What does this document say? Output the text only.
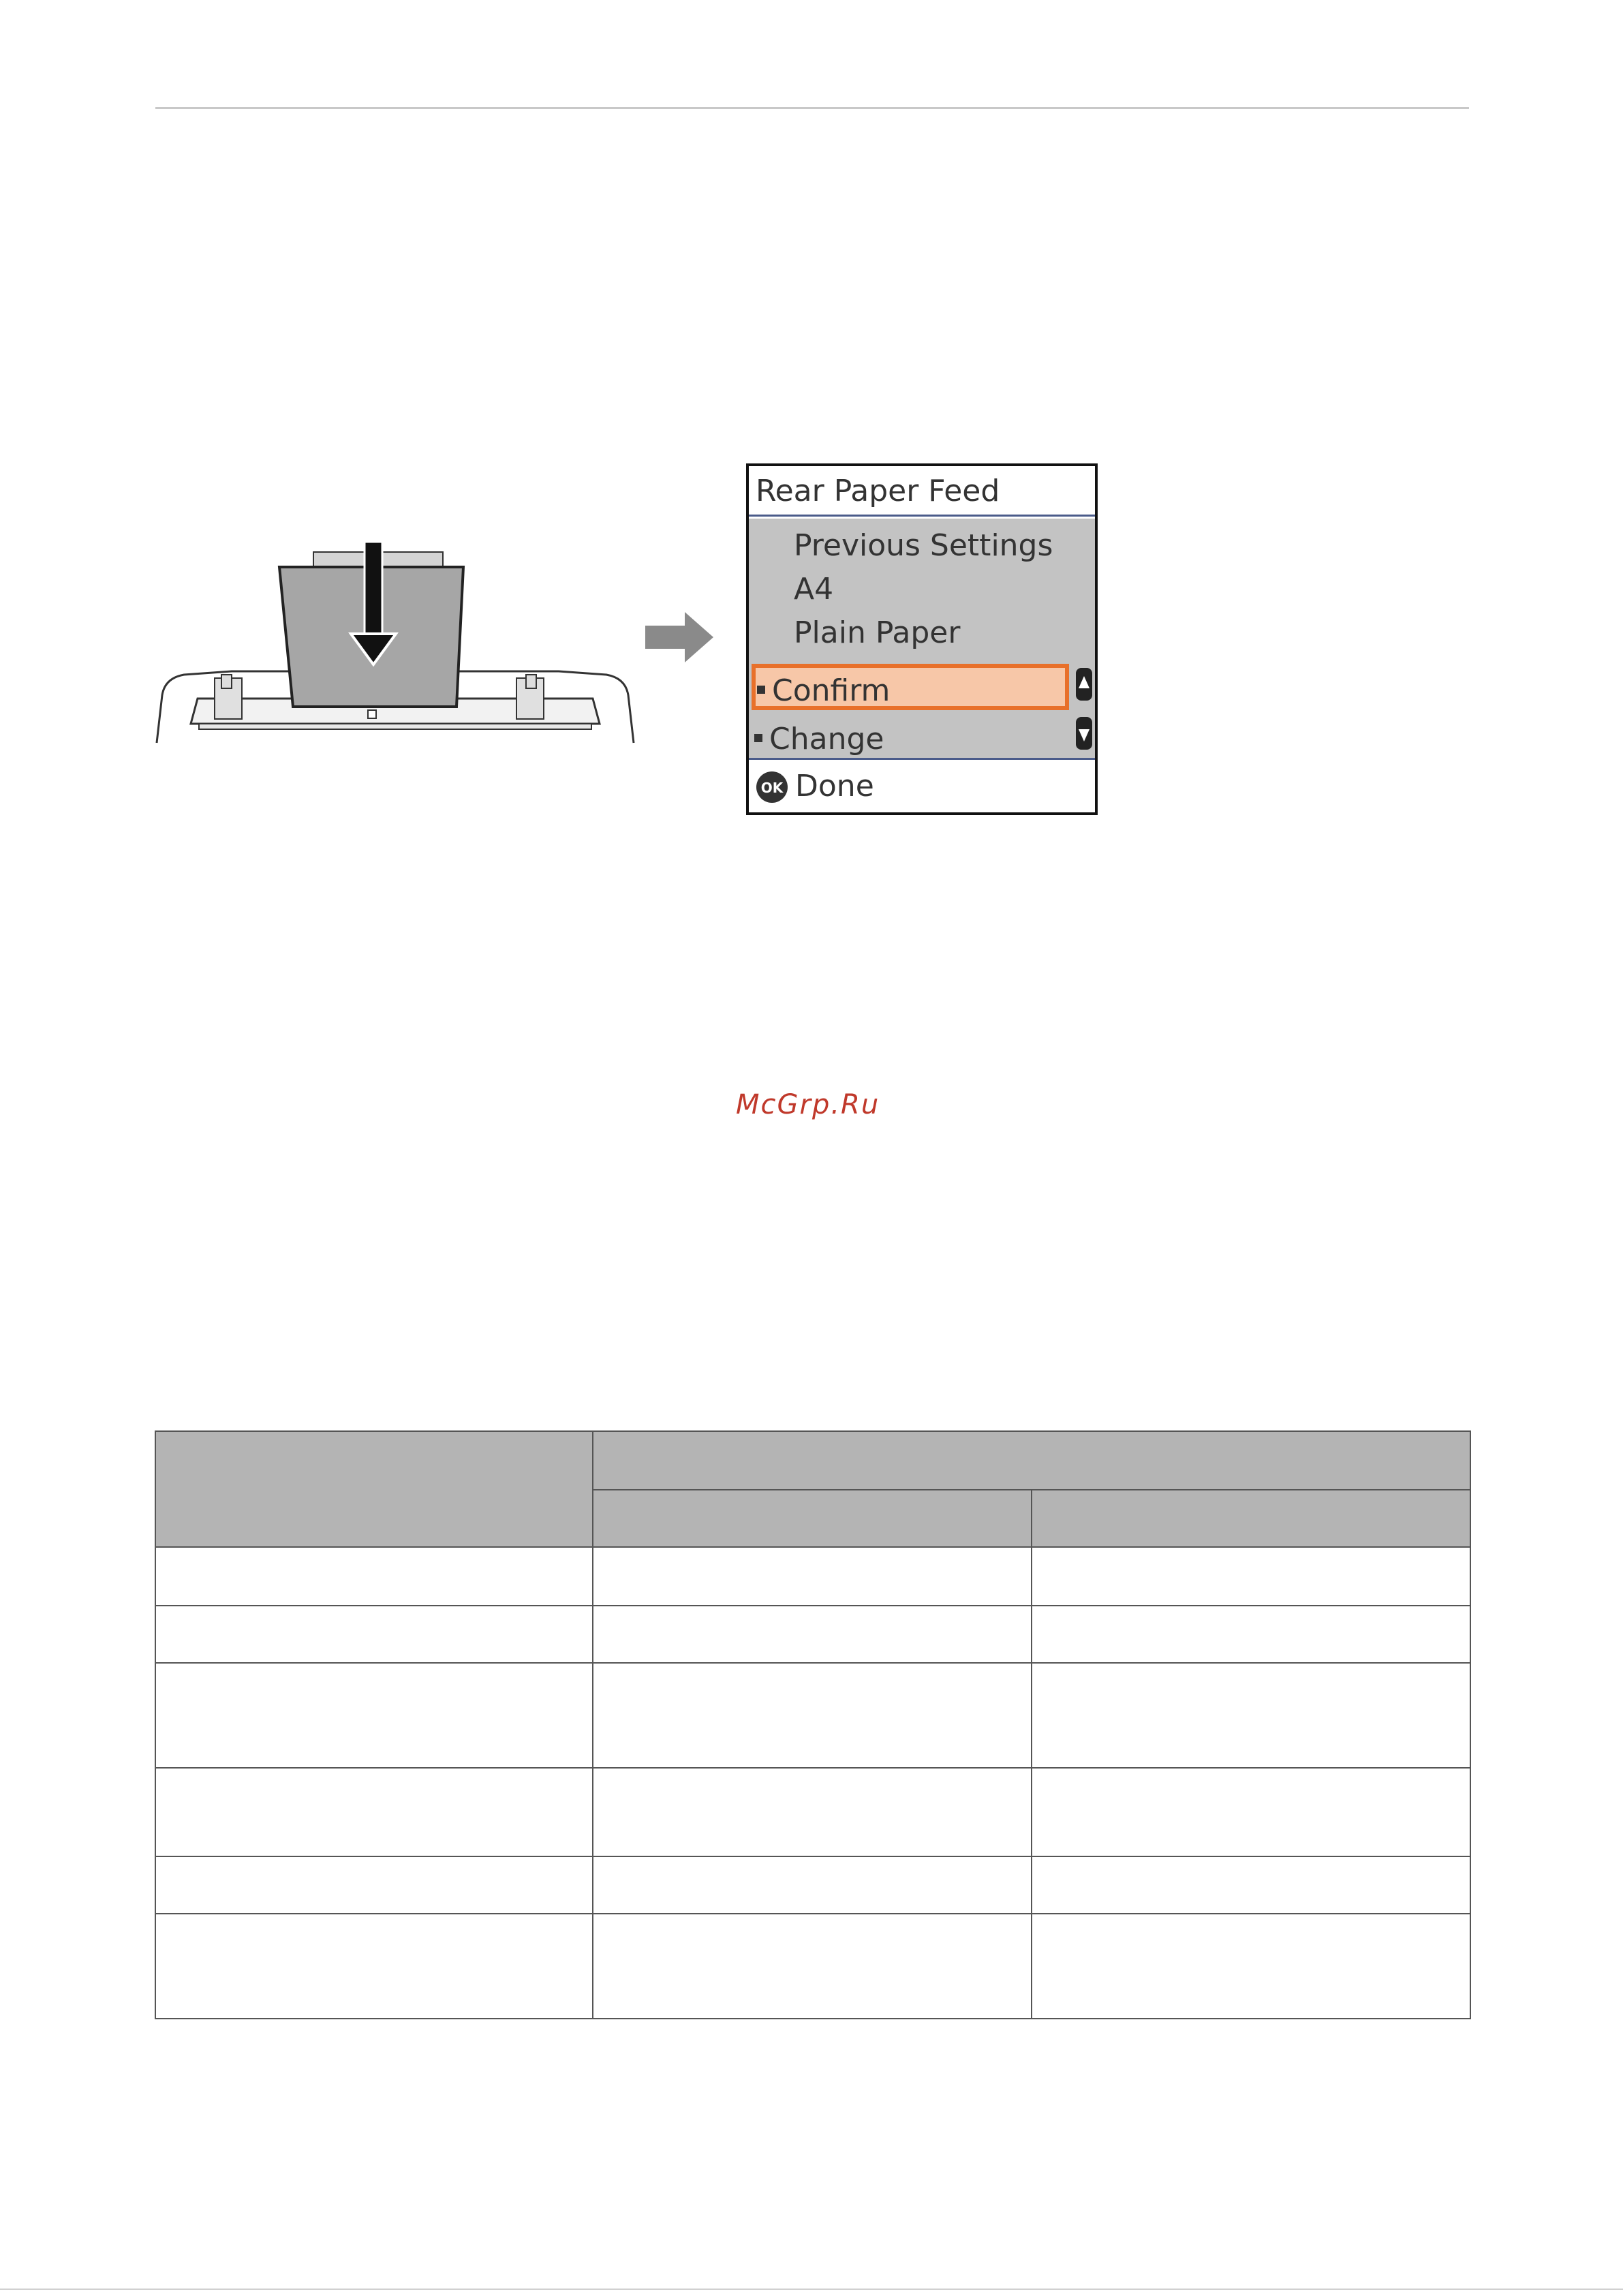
Rear Paper Feed
Previous Settings
A4
Plain Paper
Confirm
Change
OK Done
McGrp.Ru
